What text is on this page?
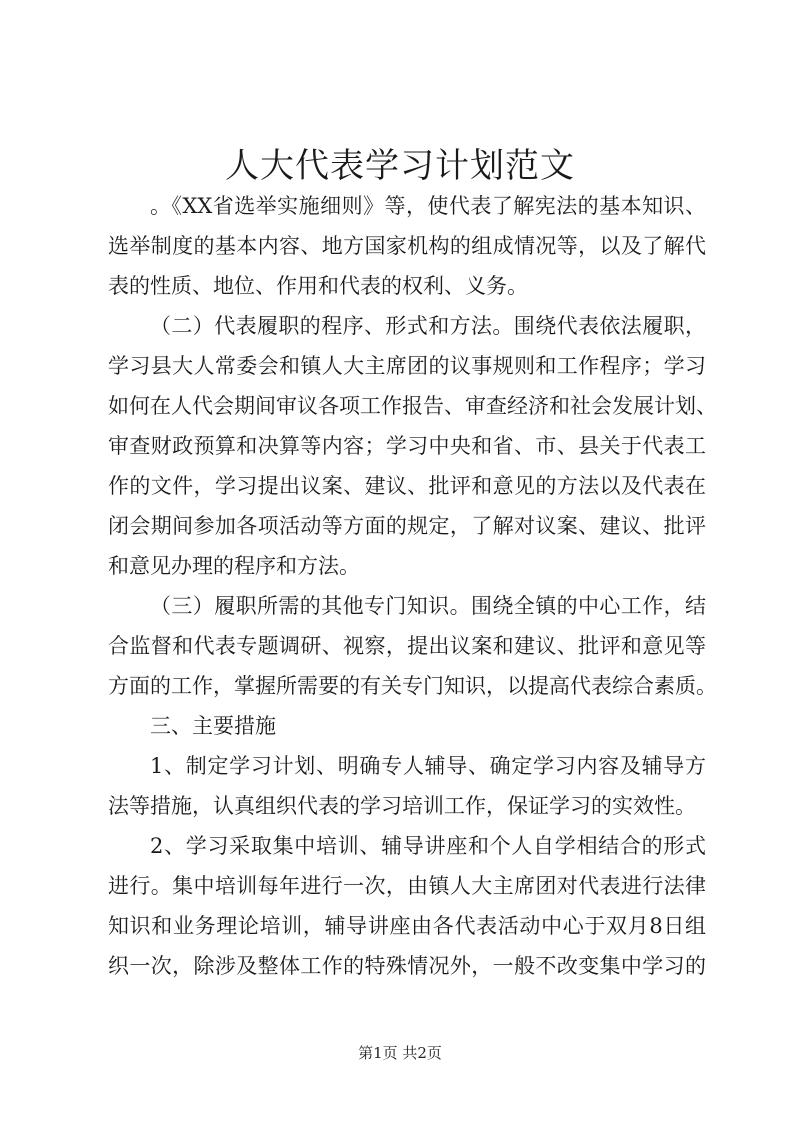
人大代表学习计划范文
。《XX省选举实施细则》等，使代表了解宪法的基本知识、
选举制度的基本内容、地方国家机构的组成情况等，以及了解代
表的性质、地位、作用和代表的权利、义务。
（二）代表履职的程序、形式和方法。围绕代表依法履职，
学习县大人常委会和镇人大主席团的议事规则和工作程序；学习
如何在人代会期间审议各项工作报告、审查经济和社会发展计划、
审查财政预算和决算等内容；学习中央和省、市、县关于代表工
作的文件，学习提出议案、建议、批评和意见的方法以及代表在
闭会期间参加各项活动等方面的规定，了解对议案、建议、批评
和意见办理的程序和方法。
（三）履职所需的其他专门知识。围绕全镇的中心工作，结
合监督和代表专题调研、视察，提出议案和建议、批评和意见等
方面的工作，掌握所需要的有关专门知识，以提高代表综合素质。
三、主要措施
1、制定学习计划、明确专人辅导、确定学习内容及辅导方
法等措施，认真组织代表的学习培训工作，保证学习的实效性。
2、学习采取集中培训、辅导讲座和个人自学相结合的形式
进行。集中培训每年进行一次，由镇人大主席团对代表进行法律
知识和业务理论培训，辅导讲座由各代表活动中心于双月8日组
织一次，除涉及整体工作的特殊情况外，一般不改变集中学习的
第1页 共2页
